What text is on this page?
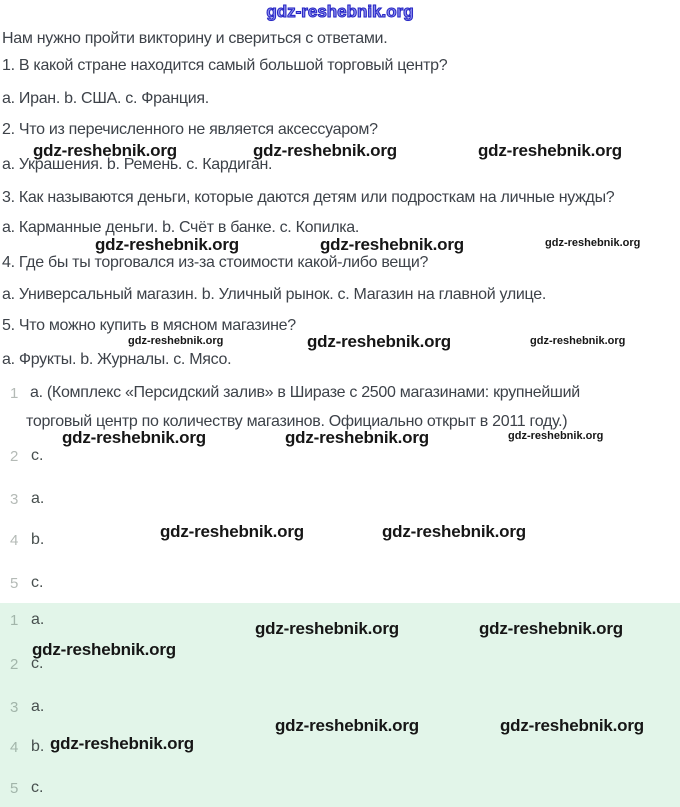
gdz-reshebnik.org
Нам нужно пройти викторину и свериться с ответами.
1. В какой стране находится самый большой торговый центр?
а. Иран. b. США. с. Франция.
2. Что из перечисленного не является аксессуаром?
а. Украшения. b. Ремень. с. Кардиган.
3. Как называются деньги, которые даются детям или подросткам на личные нужды?
а. Карманные деньги. b. Счёт в банке. с. Копилка.
4. Где бы ты торговался из-за стоимости какой-либо вещи?
а. Универсальный магазин. b. Уличный рынок. с. Магазин на главной улице.
5. Что можно купить в мясном магазине?
а. Фрукты. b. Журналы. с. Мясо.
gdz-reshebnik.org	gdz-reshebnik.org	gdz-reshebnik.org
gdz-reshebnik.org	gdz-reshebnik.org	gdz-reshebnik.org
gdz-reshebnik.org	gdz-reshebnik.org	gdz-reshebnik.org
1 а. (Комплекс «Персидский залив» в Ширазе с 2500 магазинами: крупнейший
торговый центр по количеству магазинов. Официально открыт в 2011 году.)
2 с.
3 а.
4 b.
5 с.
gdz-reshebnik.org	gdz-reshebnik.org	gdz-reshebnik.org
gdz-reshebnik.org	gdz-reshebnik.org
1 а.
2 с.
3 а.
4 b.
5 с.
gdz-reshebnik.org	gdz-reshebnik.org
gdz-reshebnik.org
gdz-reshebnik.org	gdz-reshebnik.org
gdz-reshebnik.org
